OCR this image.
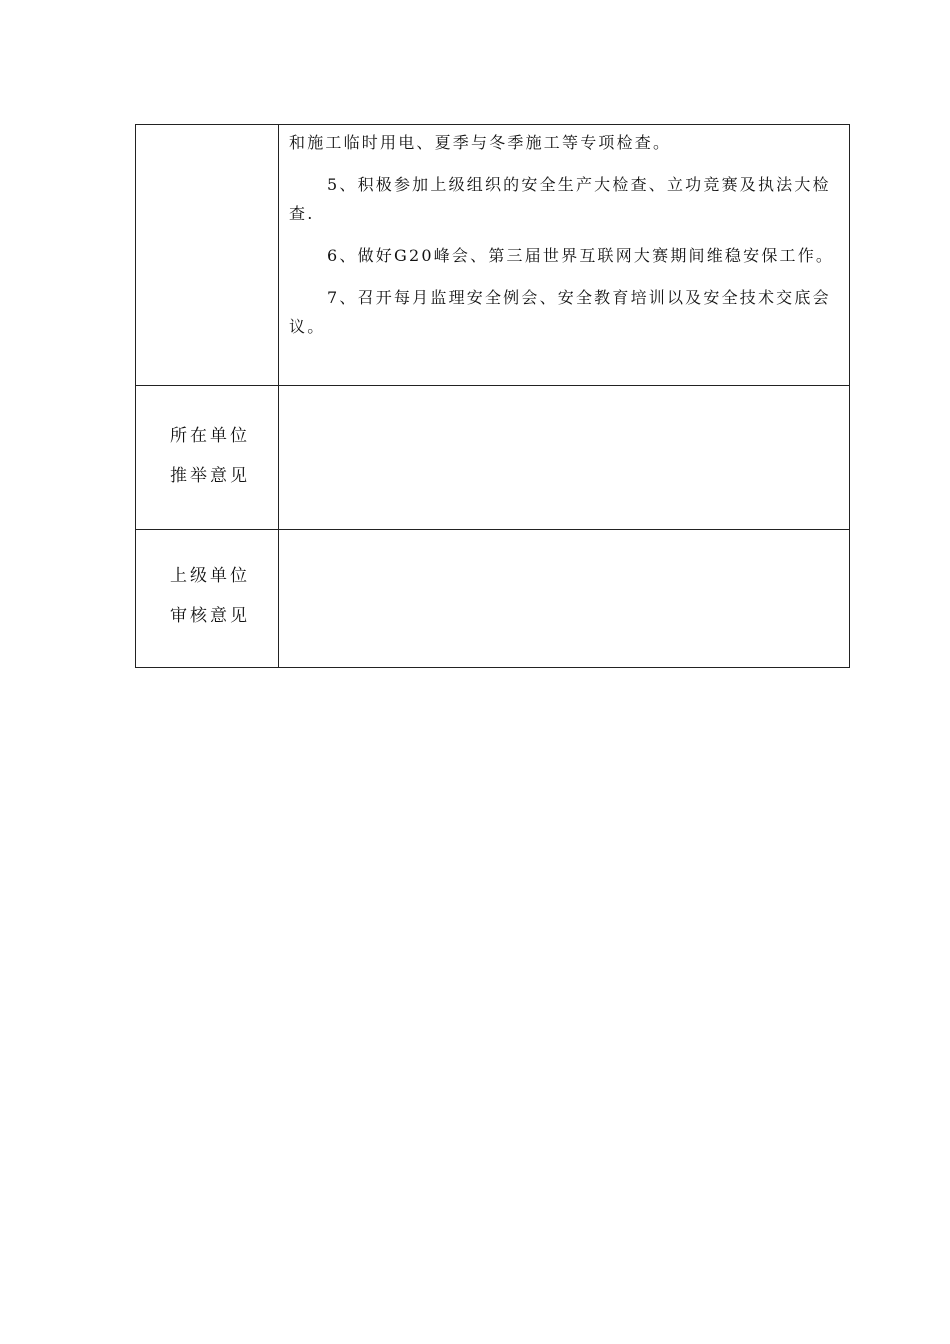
	和施工临时用电、夏季与冬季施工等专项检查。

5、积极参加上级组织的安全生产大检查、立功竞赛及执法大检查.

6、做好G20峰会、第三届世界互联网大赛期间维稳安保工作。

7、召开每月监理安全例会、安全教育培训以及安全技术交底会议。

所在单位
推举意见	

上级单位
审核意见	
